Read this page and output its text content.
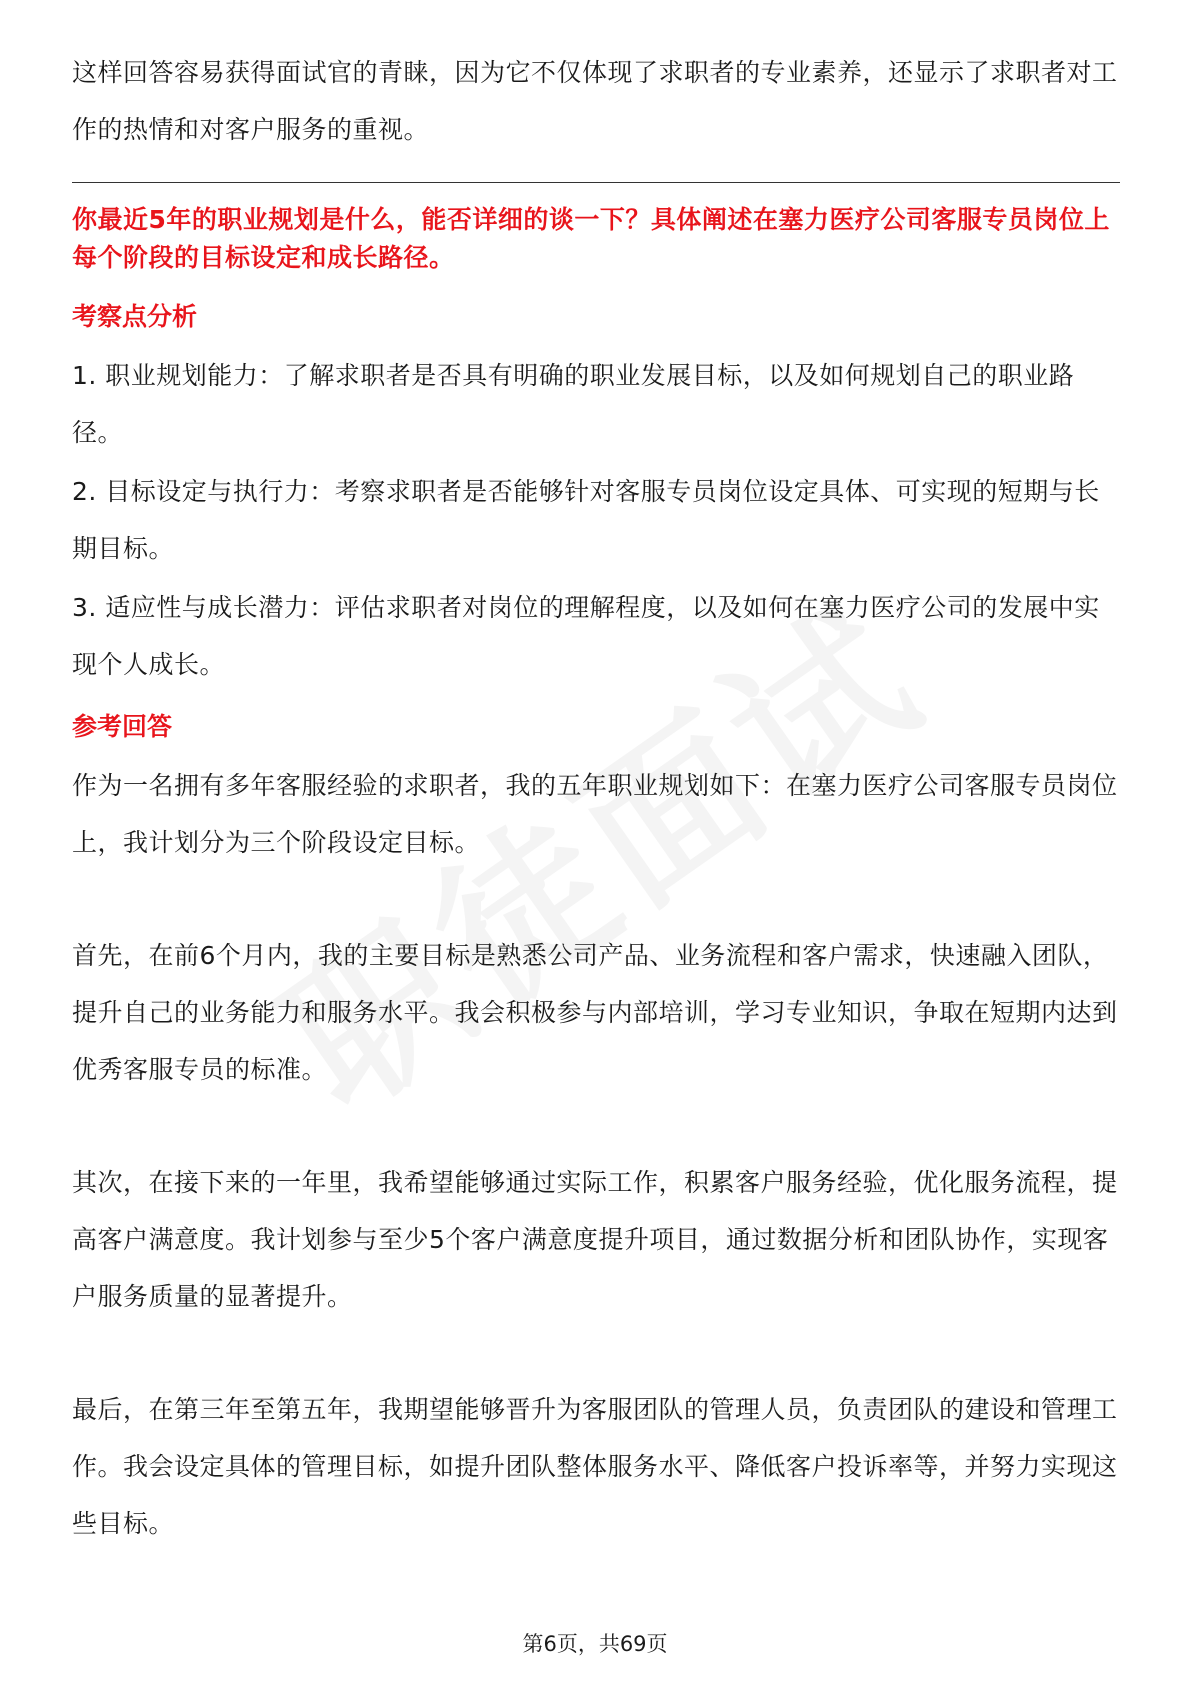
这样回答容易获得面试官的青睐，因为它不仅体现了求职者的专业素养，还显示了求职者对工作的热情和对客户服务的重视。

你最近5年的职业规划是什么，能否详细的谈一下？具体阐述在塞力医疗公司客服专员岗位上每个阶段的目标设定和成长路径。

考察点分析

1. 职业规划能力：了解求职者是否具有明确的职业发展目标，以及如何规划自己的职业路径。

2. 目标设定与执行力：考察求职者是否能够针对客服专员岗位设定具体、可实现的短期与长期目标。

3. 适应性与成长潜力：评估求职者对岗位的理解程度，以及如何在塞力医疗公司的发展中实现个人成长。

参考回答

作为一名拥有多年客服经验的求职者，我的五年职业规划如下：在塞力医疗公司客服专员岗位上，我计划分为三个阶段设定目标。

首先，在前6个月内，我的主要目标是熟悉公司产品、业务流程和客户需求，快速融入团队，提升自己的业务能力和服务水平。我会积极参与内部培训，学习专业知识，争取在短期内达到优秀客服专员的标准。

其次，在接下来的一年里，我希望能够通过实际工作，积累客户服务经验，优化服务流程，提高客户满意度。我计划参与至少5个客户满意度提升项目，通过数据分析和团队协作，实现客户服务质量的显著提升。

最后，在第三年至第五年，我期望能够晋升为客服团队的管理人员，负责团队的建设和管理工作。我会设定具体的管理目标，如提升团队整体服务水平、降低客户投诉率等，并努力实现这些目标。

第6页，共69页
